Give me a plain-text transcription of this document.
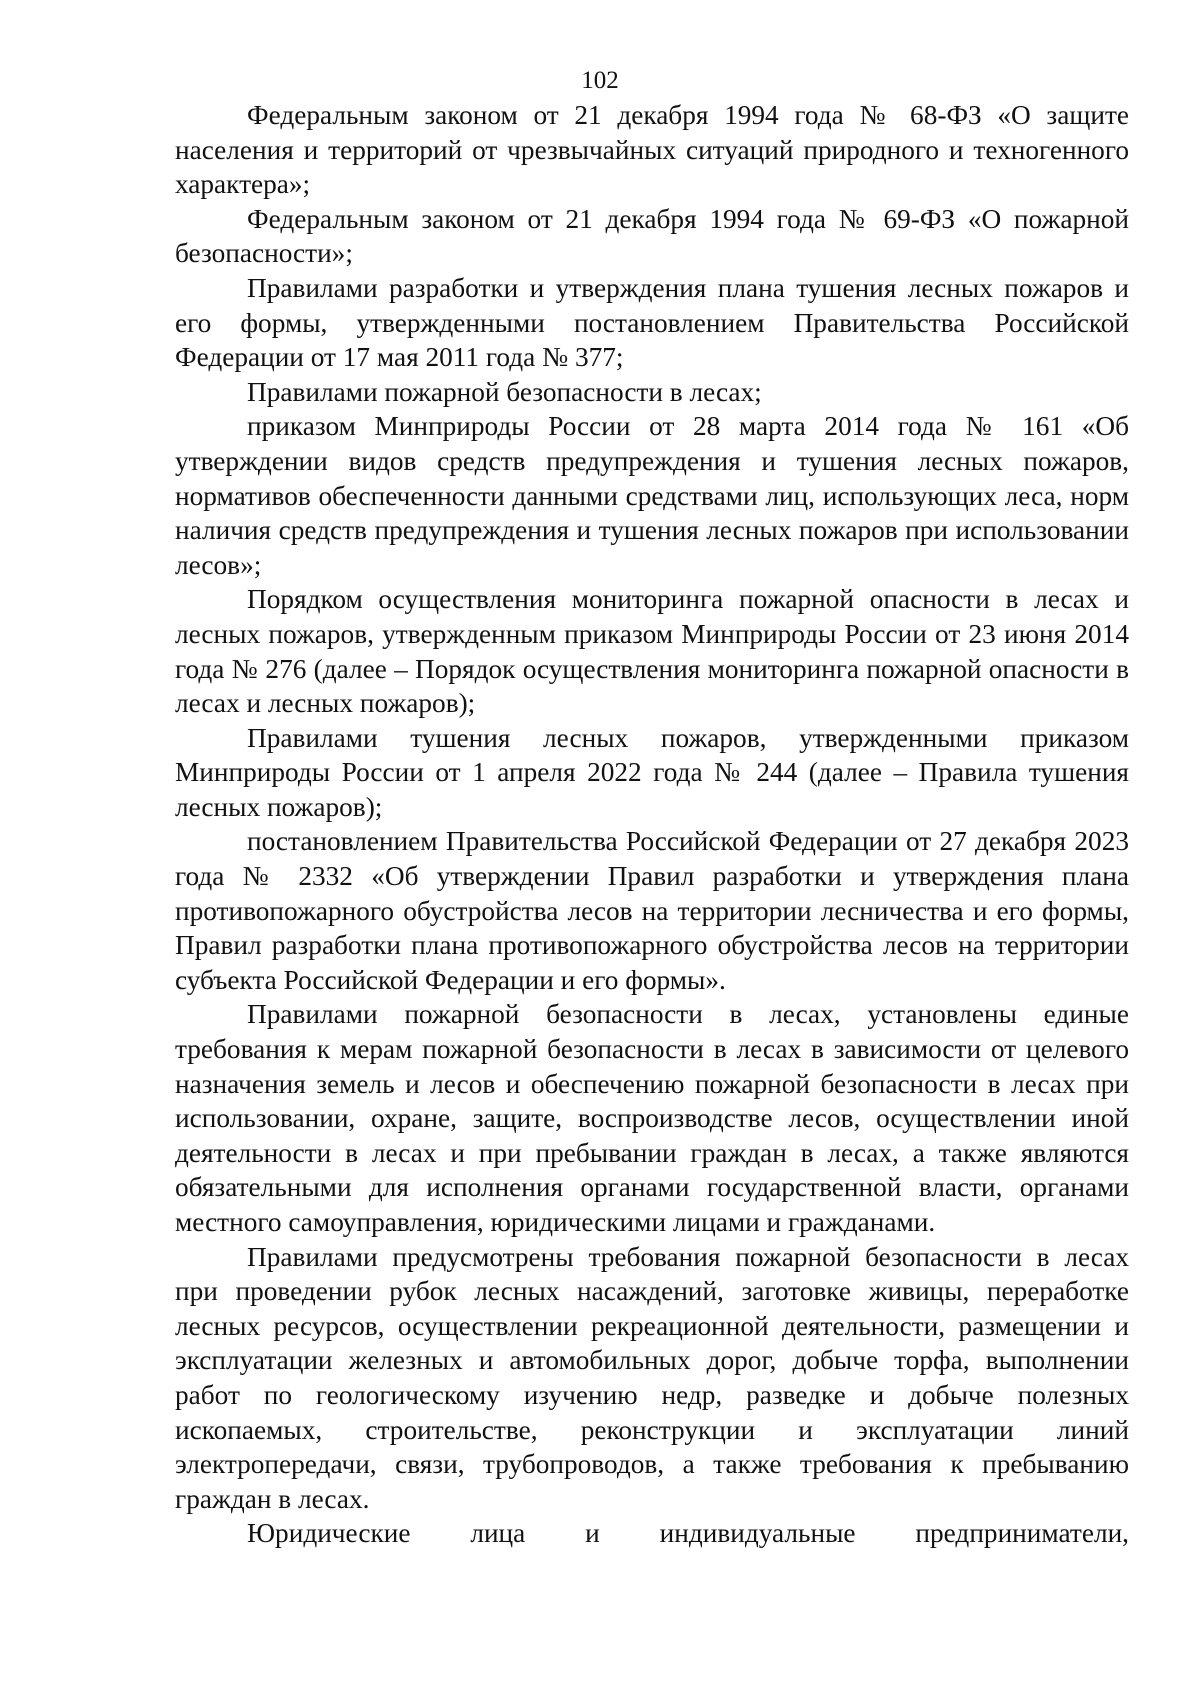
102

Федеральным законом от 21 декабря 1994 года № 68-ФЗ «О защите населения и территорий от чрезвычайных ситуаций природного и техногенного характера»;

Федеральным законом от 21 декабря 1994 года № 69-ФЗ «О пожарной безопасности»;

Правилами разработки и утверждения плана тушения лесных пожаров и его формы, утвержденными постановлением Правительства Российской Федерации от 17 мая 2011 года № 377;

Правилами пожарной безопасности в лесах;

приказом Минприроды России от 28 марта 2014 года № 161 «Об утверждении видов средств предупреждения и тушения лесных пожаров, нормативов обеспеченности данными средствами лиц, использующих леса, норм наличия средств предупреждения и тушения лесных пожаров при использовании лесов»;

Порядком осуществления мониторинга пожарной опасности в лесах и лесных пожаров, утвержденным приказом Минприроды России от 23 июня 2014 года № 276 (далее – Порядок осуществления мониторинга пожарной опасности в лесах и лесных пожаров);

Правилами тушения лесных пожаров, утвержденными приказом Минприроды России от 1 апреля 2022 года № 244 (далее – Правила тушения лесных пожаров);

постановлением Правительства Российской Федерации от 27 декабря 2023 года № 2332 «Об утверждении Правил разработки и утверждения плана противопожарного обустройства лесов на территории лесничества и его формы, Правил разработки плана противопожарного обустройства лесов на территории субъекта Российской Федерации и его формы».

Правилами пожарной безопасности в лесах, установлены единые требования к мерам пожарной безопасности в лесах в зависимости от целевого назначения земель и лесов и обеспечению пожарной безопасности в лесах при использовании, охране, защите, воспроизводстве лесов, осуществлении иной деятельности в лесах и при пребывании граждан в лесах, а также являются обязательными для исполнения органами государственной власти, органами местного самоуправления, юридическими лицами и гражданами.

Правилами предусмотрены требования пожарной безопасности в лесах при проведении рубок лесных насаждений, заготовке живицы, переработке лесных ресурсов, осуществлении рекреационной деятельности, размещении и эксплуатации железных и автомобильных дорог, добыче торфа, выполнении работ по геологическому изучению недр, разведке и добыче полезных ископаемых, строительстве, реконструкции и эксплуатации линий электропередачи, связи, трубопроводов, а также требования к пребыванию граждан в лесах.

Юридические лица и индивидуальные предприниматели,
